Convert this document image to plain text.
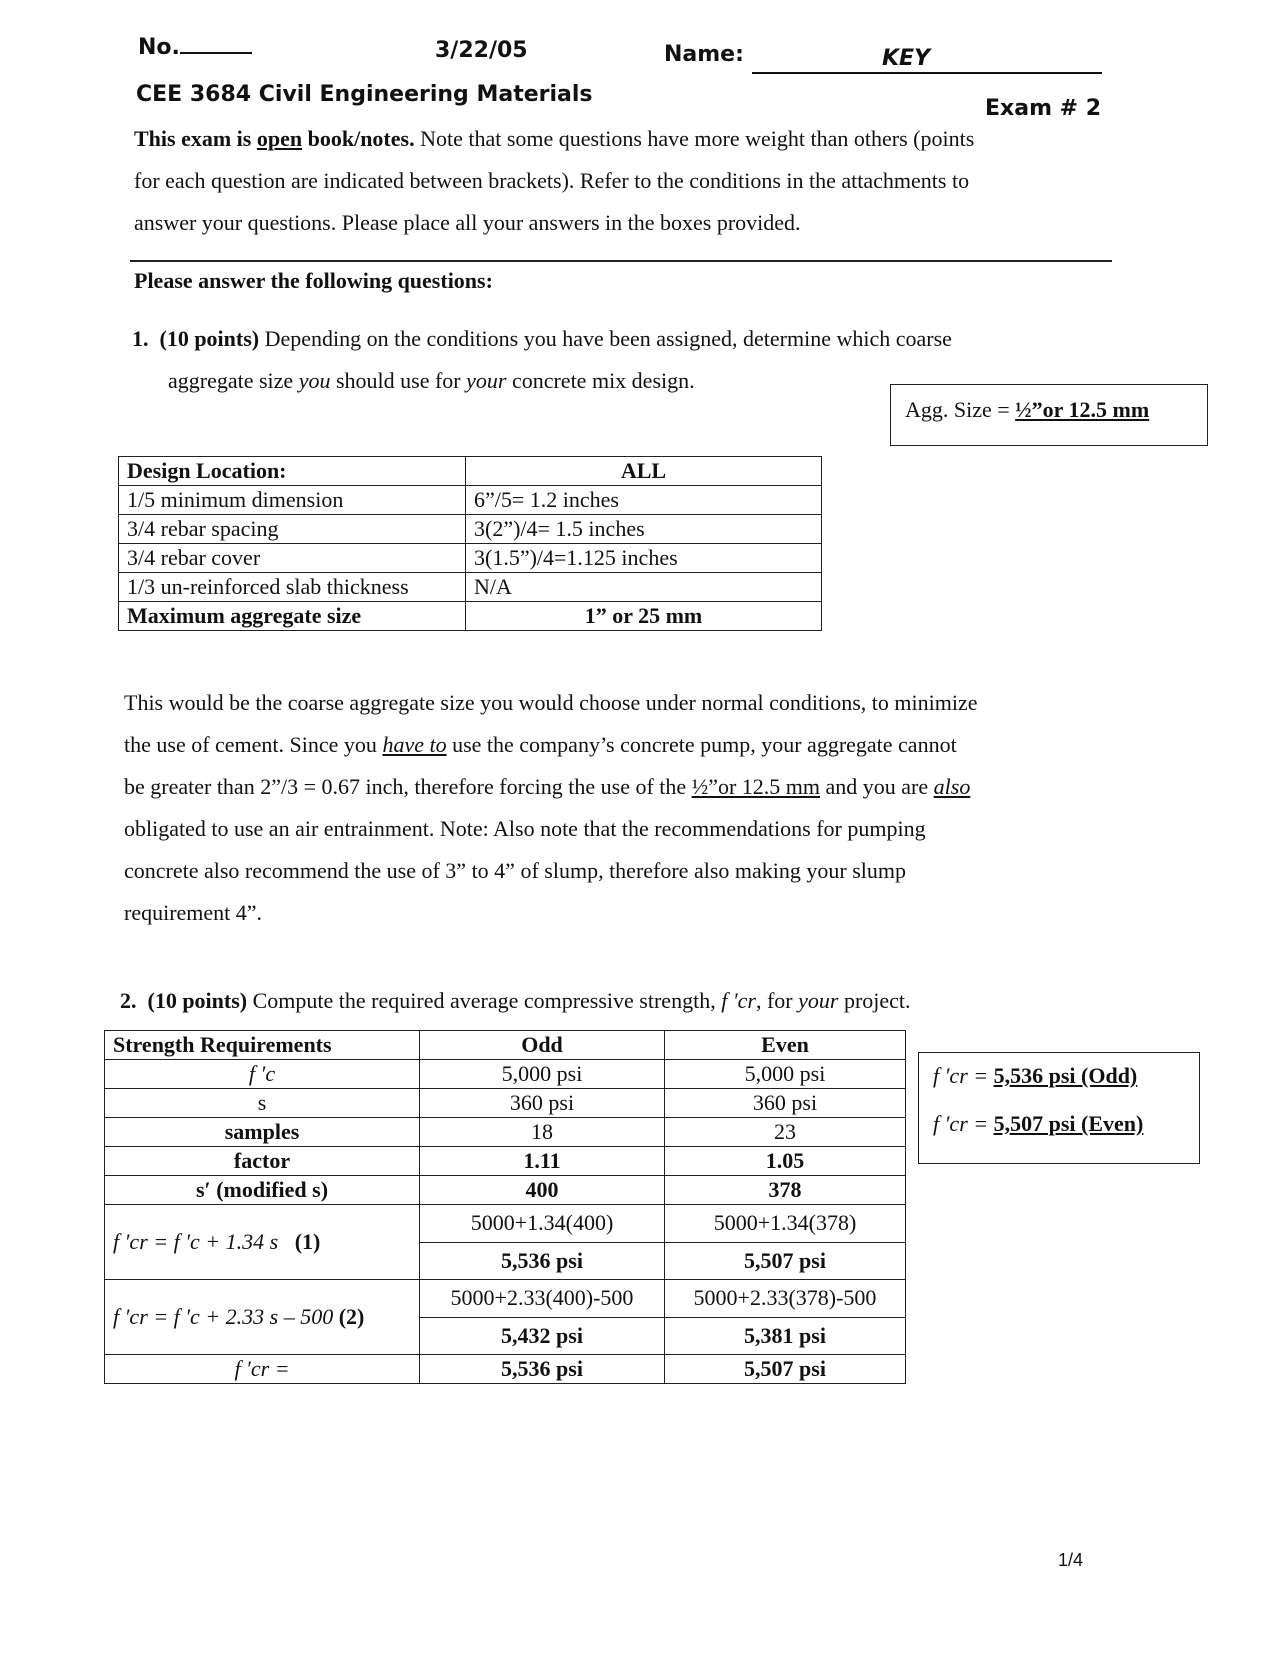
No.	3/22/05	Name:	KEY
CEE 3684 Civil Engineering Materials
Exam # 2
This exam is open book/notes. Note that some questions have more weight than others (points
for each question are indicated between brackets). Refer to the conditions in the attachments to
answer your questions. Please place all your answers in the boxes provided.
Please answer the following questions:
1. (10 points) Depending on the conditions you have been assigned, determine which coarse
aggregate size you should use for your concrete mix design.
Agg. Size = ½”or 12.5 mm
Design Location:	ALL
1/5 minimum dimension	6”/5= 1.2 inches
3/4 rebar spacing	3(2”)/4= 1.5 inches
3/4 rebar cover	3(1.5”)/4=1.125 inches
1/3 un-reinforced slab thickness	N/A
Maximum aggregate size	1” or 25 mm
This would be the coarse aggregate size you would choose under normal conditions, to minimize
the use of cement. Since you have to use the company’s concrete pump, your aggregate cannot
be greater than 2”/3 = 0.67 inch, therefore forcing the use of the ½”or 12.5 mm and you are also
obligated to use an air entrainment. Note: Also note that the recommendations for pumping
concrete also recommend the use of 3” to 4” of slump, therefore also making your slump
requirement 4”.
2. (10 points) Compute the required average compressive strength, f ′cr, for your project.
Strength Requirements	Odd	Even
f ′c	5,000 psi	5,000 psi
s	360 psi	360 psi
samples	18	23
factor	1.11	1.05
s′ (modified s)	400	378
f ′cr = f ′c + 1.34 s (1)	5000+1.34(400)	5000+1.34(378)
	5,536 psi	5,507 psi
f ′cr = f ′c + 2.33 s – 500 (2)	5000+2.33(400)-500	5000+2.33(378)-500
	5,432 psi	5,381 psi
f ′cr =	5,536 psi	5,507 psi
f ′cr = 5,536 psi (Odd)
f ′cr = 5,507 psi (Even)
1/4
